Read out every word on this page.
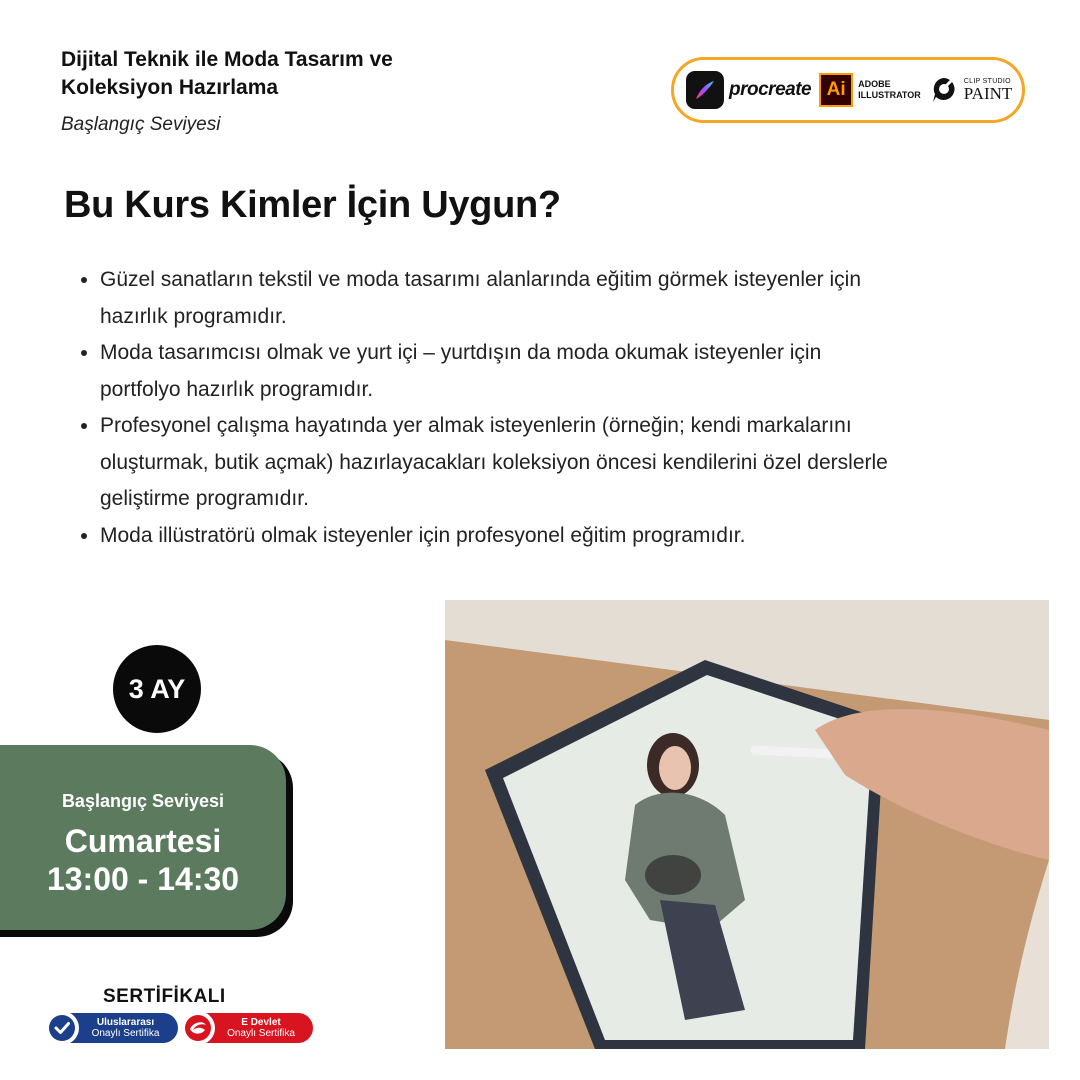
Dijital Teknik ile Moda Tasarım ve Koleksiyon Hazırlama
Başlangıç Seviyesi
procreate Ai	ADOBE
ILLUSTRATOR
CLIP STUDIO
PAINT
Bu Kurs Kimler İçin Uygun?
• Güzel sanatların tekstil ve moda tasarımı alanlarında eğitim görmek isteyenler için hazırlık programıdır.
• Moda tasarımcısı olmak ve yurt içi – yurtdışın da moda okumak isteyenler için portfolyo hazırlık programıdır.
• Profesyonel çalışma hayatında yer almak isteyenlerin (örneğin; kendi markalarını oluşturmak, butik açmak) hazırlayacakları koleksiyon öncesi kendilerini özel derslerle geliştirme programıdır.
• Moda illüstratörü olmak isteyenler için profesyonel eğitim programıdır.
3 AY
Başlangıç Seviyesi
Cumartesi
13:00 - 14:30
SERTİFİKALI
Uluslararası
Onaylı Sertifika
E Devlet
Onaylı Sertifika
